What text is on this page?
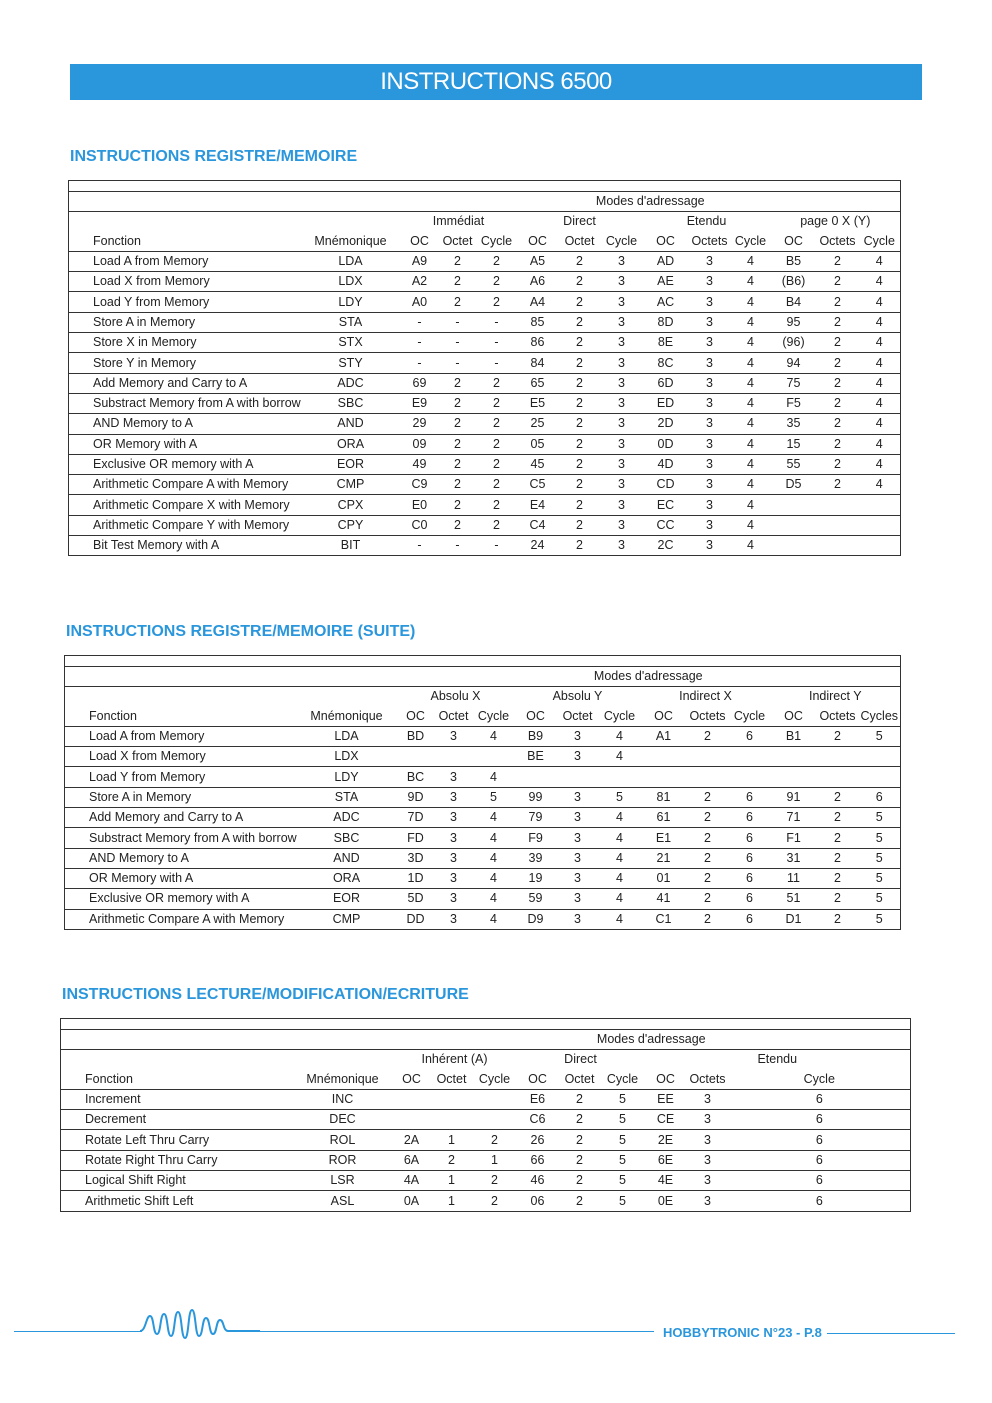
INSTRUCTIONS 6500
INSTRUCTIONS REGISTRE/MEMOIRE

		Modes d'adressage											
		Immédiat			Direct			Etendu			page 0 X (Y)		
Fonction	Mnémonique	OC	Octet	Cycle	OC	Octet	Cycle	OC	Octets	Cycle	OC	Octets	Cycle
Load A from Memory	LDA	A9	2	2	A5	2	3	AD	3	4	B5	2	4
Load X from Memory	LDX	A2	2	2	A6	2	3	AE	3	4	(B6)	2	4
Load Y from Memory	LDY	A0	2	2	A4	2	3	AC	3	4	B4	2	4
Store A in Memory	STA	-	-	-	85	2	3	8D	3	4	95	2	4
Store X in Memory	STX	-	-	-	86	2	3	8E	3	4	(96)	2	4
Store Y in Memory	STY	-	-	-	84	2	3	8C	3	4	94	2	4
Add Memory and Carry to A	ADC	69	2	2	65	2	3	6D	3	4	75	2	4
Substract Memory from A with borrow	SBC	E9	2	2	E5	2	3	ED	3	4	F5	2	4
AND Memory to A	AND	29	2	2	25	2	3	2D	3	4	35	2	4
OR Memory with A	ORA	09	2	2	05	2	3	0D	3	4	15	2	4
Exclusive OR memory with A	EOR	49	2	2	45	2	3	4D	3	4	55	2	4
Arithmetic Compare A with Memory	CMP	C9	2	2	C5	2	3	CD	3	4	D5	2	4
Arithmetic Compare X with Memory	CPX	E0	2	2	E4	2	3	EC	3	4			
Arithmetic Compare Y with Memory	CPY	C0	2	2	C4	2	3	CC	3	4			
Bit Test Memory with A	BIT	-	-	-	24	2	3	2C	3	4			
INSTRUCTIONS REGISTRE/MEMOIRE (SUITE)

		Modes d'adressage											
		Absolu X			Absolu Y			Indirect X			Indirect Y		
Fonction	Mnémonique	OC	Octet	Cycle	OC	Octet	Cycle	OC	Octets	Cycle	OC	Octets	Cycles
Load A from Memory	LDA	BD	3	4	B9	3	4	A1	2	6	B1	2	5
Load X from Memory	LDX				BE	3	4						
Load Y from Memory	LDY	BC	3	4									
Store A in Memory	STA	9D	3	5	99	3	5	81	2	6	91	2	6
Add Memory and Carry to A	ADC	7D	3	4	79	3	4	61	2	6	71	2	5
Substract Memory from A with borrow	SBC	FD	3	4	F9	3	4	E1	2	6	F1	2	5
AND Memory to A	AND	3D	3	4	39	3	4	21	2	6	31	2	5
OR Memory with A	ORA	1D	3	4	19	3	4	01	2	6	11	2	5
Exclusive OR memory with A	EOR	5D	3	4	59	3	4	41	2	6	51	2	5
Arithmetic Compare A with Memory	CMP	DD	3	4	D9	3	4	C1	2	6	D1	2	5
INSTRUCTIONS LECTURE/MODIFICATION/ECRITURE

		Modes d'adressage								
		Inhérent (A)			Direct			Etendu		
Fonction	Mnémonique	OC	Octet	Cycle	OC	Octet	Cycle	OC	Octets	Cycle
Increment	INC				E6	2	5	EE	3	6
Decrement	DEC				C6	2	5	CE	3	6
Rotate Left Thru Carry	ROL	2A	1	2	26	2	5	2E	3	6
Rotate Right Thru Carry	ROR	6A	2	1	66	2	5	6E	3	6
Logical Shift Right	LSR	4A	1	2	46	2	5	4E	3	6
Arithmetic Shift Left	ASL	0A	1	2	06	2	5	0E	3	6
HOBBYTRONIC N°23 - P.8
